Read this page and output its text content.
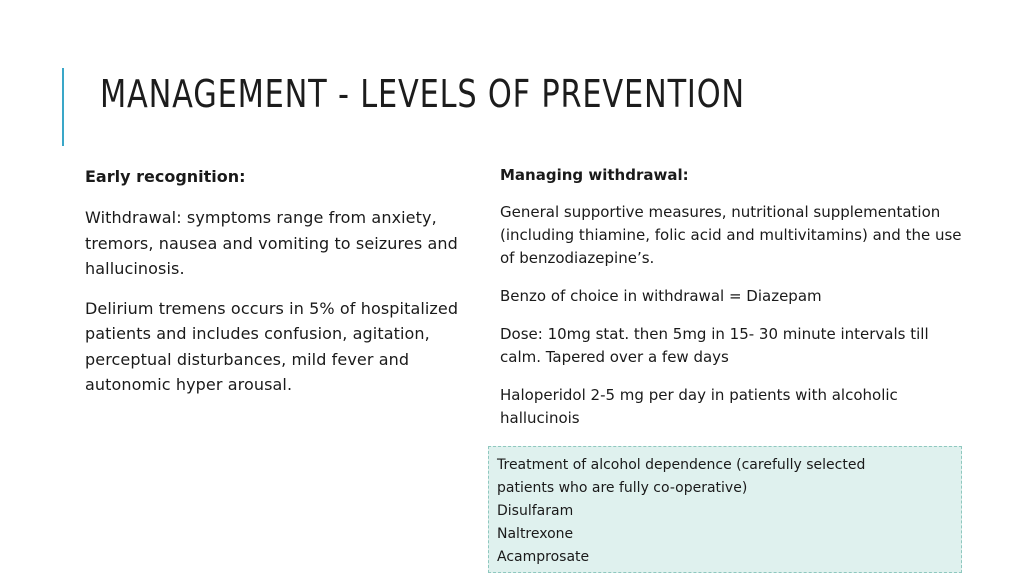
MANAGEMENT - LEVELS OF PREVENTION

Early recognition:

Withdrawal: symptoms range from anxiety, tremors, nausea and vomiting to seizures and hallucinosis.

Delirium tremens occurs in 5% of hospitalized patients and includes confusion, agitation, perceptual disturbances, mild fever and autonomic hyper arousal.

Managing withdrawal:

General supportive measures, nutritional supplementation (including thiamine, folic acid and multivitamins) and the use of benzodiazepine’s.

Benzo of choice in withdrawal = Diazepam

Dose: 10mg stat. then 5mg in 15- 30 minute intervals till calm. Tapered over a few days

Haloperidol 2-5 mg per day in patients with alcoholic hallucinois

Treatment of alcohol dependence (carefully selected

patients who are fully co-operative)

Disulfaram

Naltrexone

Acamprosate
